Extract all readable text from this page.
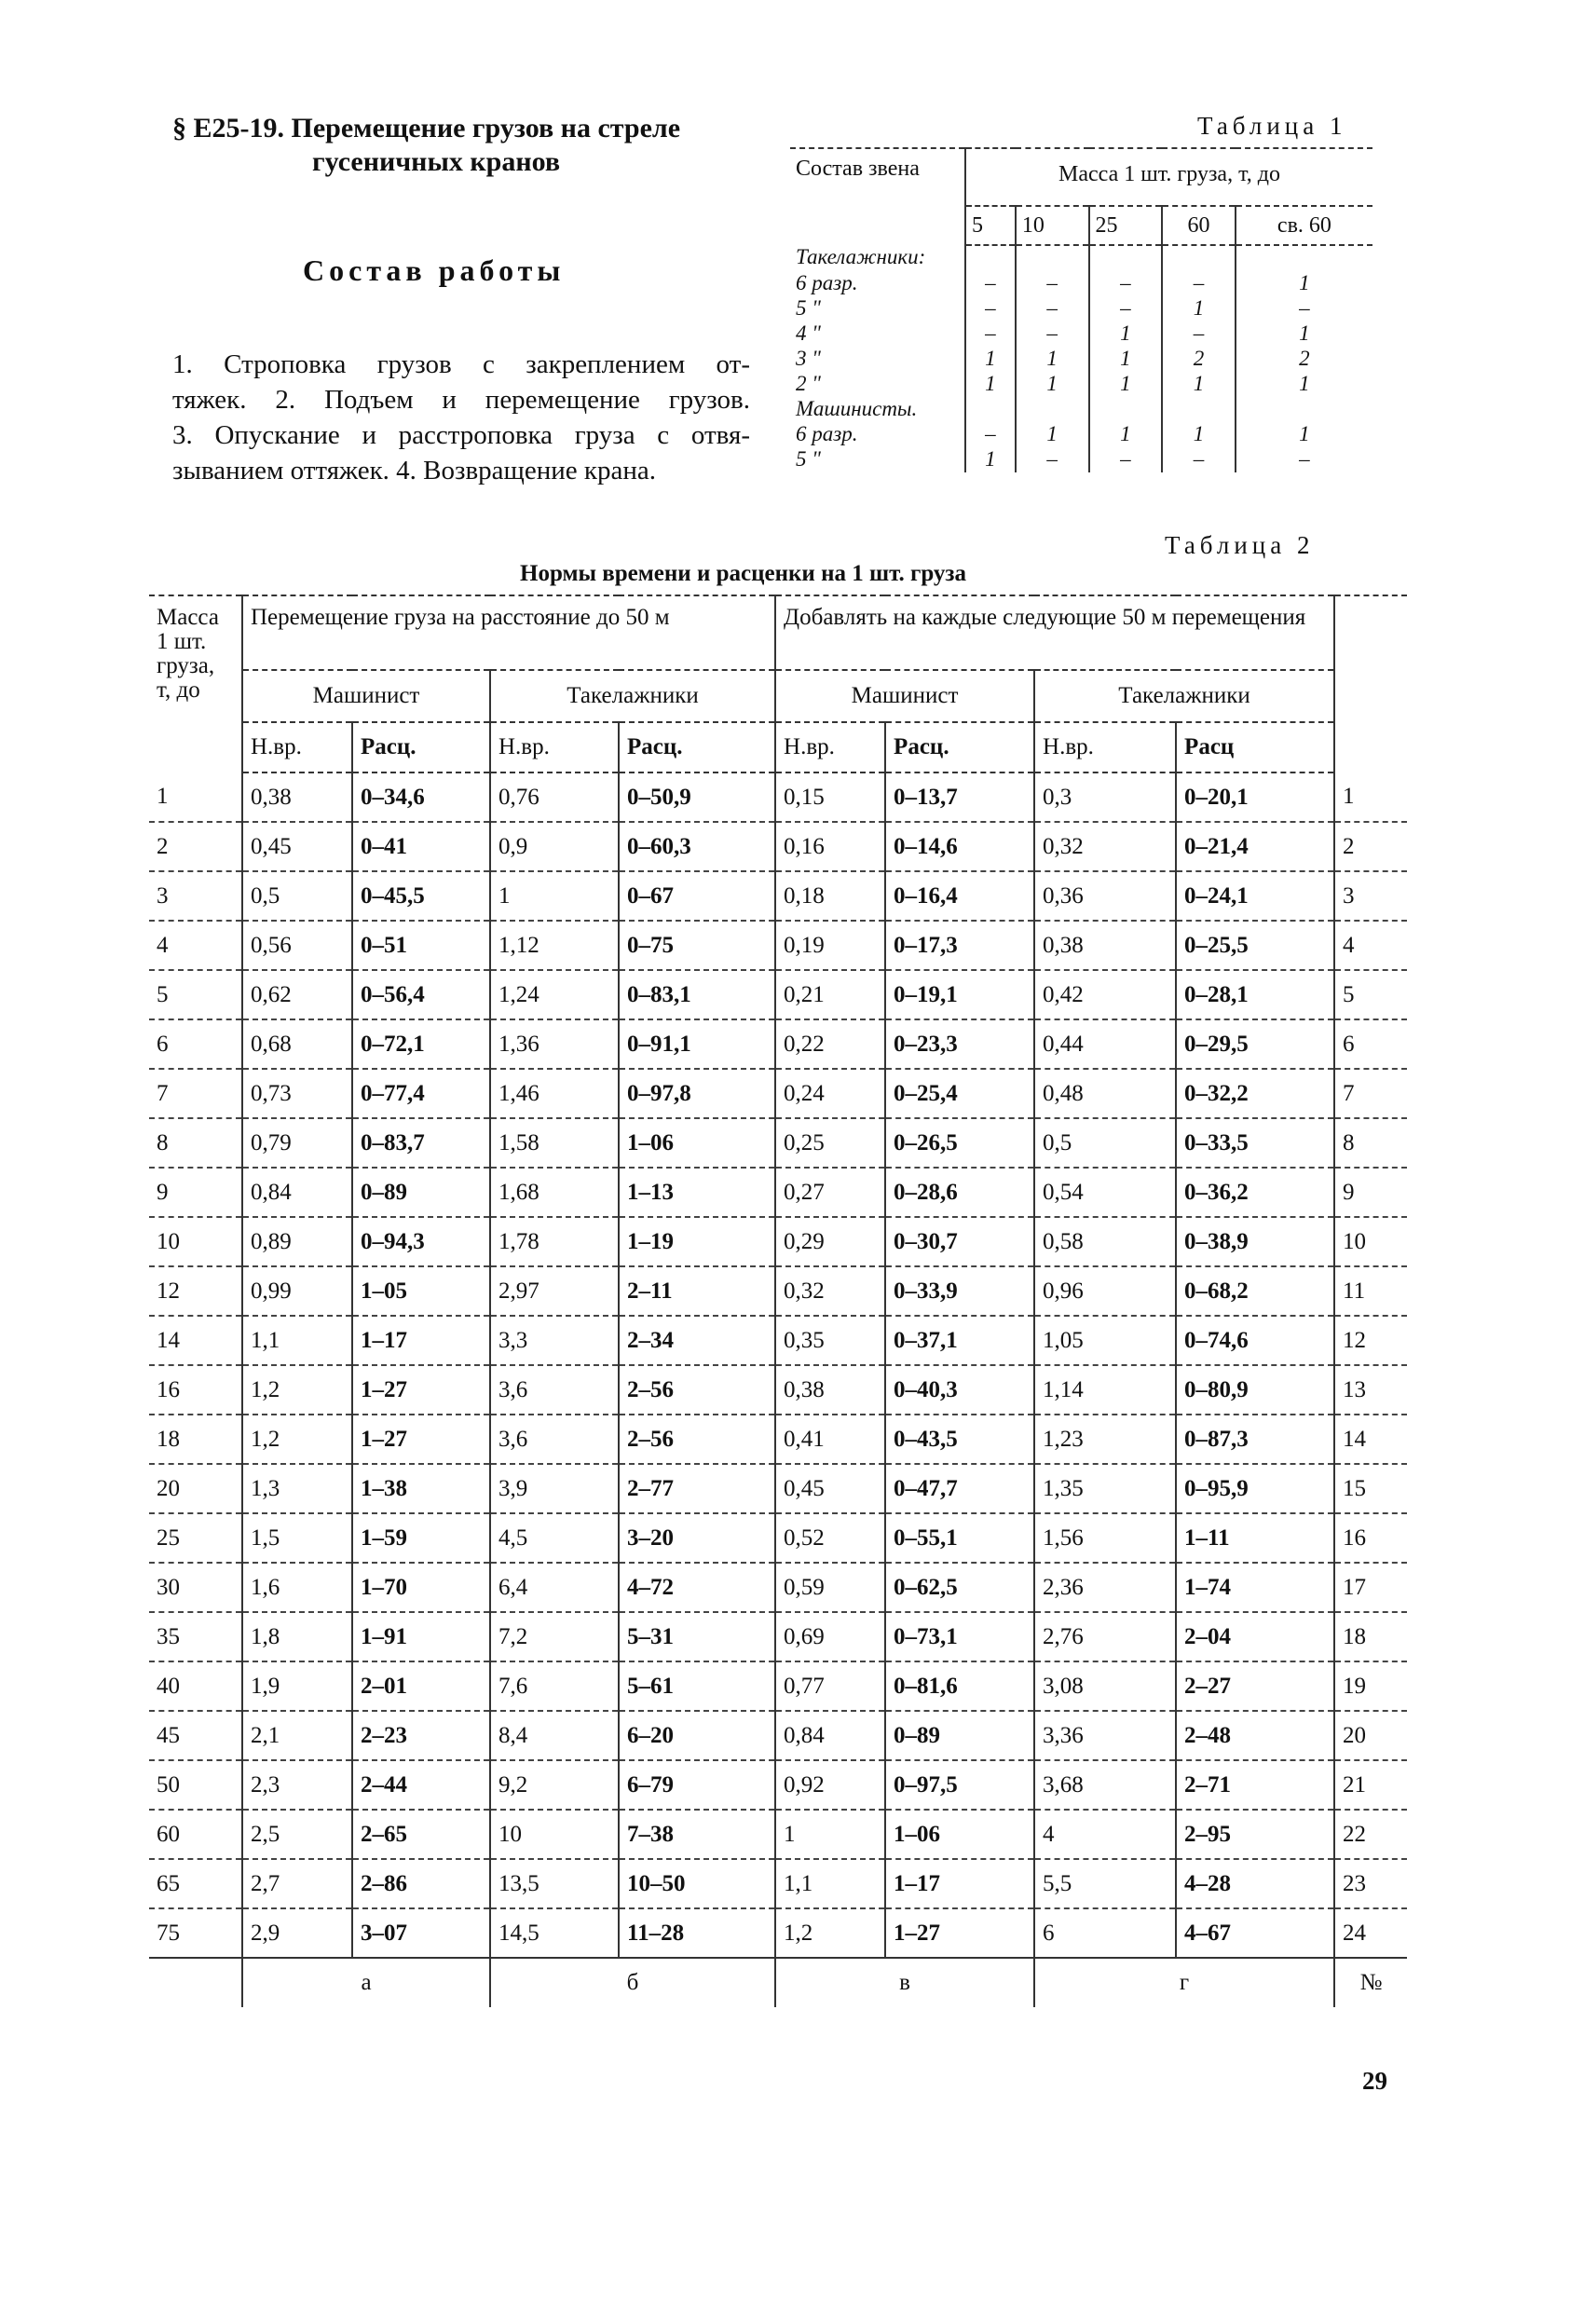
§ Е25-19. Перемещение грузов на стреле
гусеничных кранов
Состав работы

1. Строповка грузов с закреплением от-

тяжек. 2. Подъем и перемещение грузов.

3. Опускание и расстроповка груза с отвя-

зыванием оттяжек. 4. Возвращение крана.

Таблица 1
Состав звена	Масса 1 шт. груза, т, до				
	5	10	25	60	св. 60
Такелажники:					
6 разр.	–	–	–	–	1
5 "	–	–	–	1	–
4 "	–	–	1	–	1
3 "	1	1	1	2	2
2 "	1	1	1	1	1
Машинисты.					
6 разр.	–	1	1	1	1
5 "	1	–	–	–	–
Таблица 2
Нормы времени и расценки на 1 шт. груза
Масса 1 шт. груза, т, до	Перемещение груза на расстояние до 50 м				Добавлять на каждые следующие 50 м перемещения				
	Машинист		Такелажники		Машинист		Такелажники		
	Н.вр.	Расц.	Н.вр.	Расц.	Н.вр.	Расц.	Н.вр.	Расц	
1	0,38	0–34,6	0,76	0–50,9	0,15	0–13,7	0,3	0–20,1	1
2	0,45	0–41	0,9	0–60,3	0,16	0–14,6	0,32	0–21,4	2
3	0,5	0–45,5	1	0–67	0,18	0–16,4	0,36	0–24,1	3
4	0,56	0–51	1,12	0–75	0,19	0–17,3	0,38	0–25,5	4
5	0,62	0–56,4	1,24	0–83,1	0,21	0–19,1	0,42	0–28,1	5
6	0,68	0–72,1	1,36	0–91,1	0,22	0–23,3	0,44	0–29,5	6
7	0,73	0–77,4	1,46	0–97,8	0,24	0–25,4	0,48	0–32,2	7
8	0,79	0–83,7	1,58	1–06	0,25	0–26,5	0,5	0–33,5	8
9	0,84	0–89	1,68	1–13	0,27	0–28,6	0,54	0–36,2	9
10	0,89	0–94,3	1,78	1–19	0,29	0–30,7	0,58	0–38,9	10
12	0,99	1–05	2,97	2–11	0,32	0–33,9	0,96	0–68,2	11
14	1,1	1–17	3,3	2–34	0,35	0–37,1	1,05	0–74,6	12
16	1,2	1–27	3,6	2–56	0,38	0–40,3	1,14	0–80,9	13
18	1,2	1–27	3,6	2–56	0,41	0–43,5	1,23	0–87,3	14
20	1,3	1–38	3,9	2–77	0,45	0–47,7	1,35	0–95,9	15
25	1,5	1–59	4,5	3–20	0,52	0–55,1	1,56	1–11	16
30	1,6	1–70	6,4	4–72	0,59	0–62,5	2,36	1–74	17
35	1,8	1–91	7,2	5–31	0,69	0–73,1	2,76	2–04	18
40	1,9	2–01	7,6	5–61	0,77	0–81,6	3,08	2–27	19
45	2,1	2–23	8,4	6–20	0,84	0–89	3,36	2–48	20
50	2,3	2–44	9,2	6–79	0,92	0–97,5	3,68	2–71	21
60	2,5	2–65	10	7–38	1	1–06	4	2–95	22
65	2,7	2–86	13,5	10–50	1,1	1–17	5,5	4–28	23
75	2,9	3–07	14,5	11–28	1,2	1–27	6	4–67	24
	а		б		в		г		№
29
